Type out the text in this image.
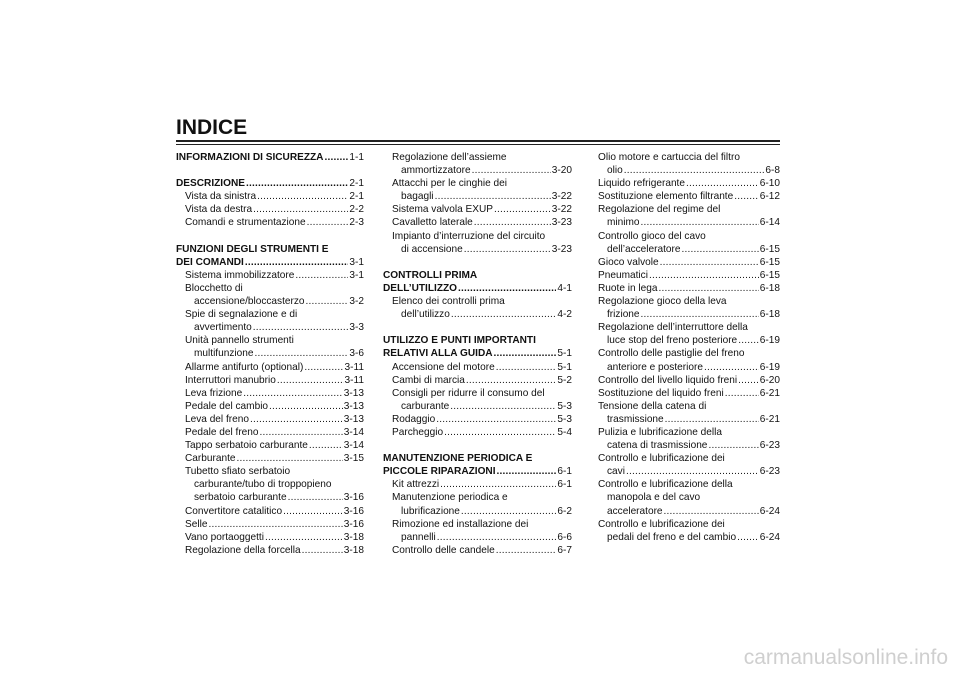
INDICE
INFORMAZIONI DI SICUREZZA .....	1-1
DESCRIZIONE .....	2-1
Vista da sinistra .....	2-1
Vista da destra .....	2-2
Comandi e strumentazione .....	2-3
FUNZIONI DEGLI STRUMENTI E
DEI COMANDI .....	3-1
Sistema immobilizzatore .....	3-1
Blocchetto di
accensione/bloccasterzo .....	3-2
Spie di segnalazione e di
avvertimento .....	3-3
Unità pannello strumenti
multifunzione .....	3-6
Allarme antifurto (optional) .....	3-11
Interruttori manubrio .....	3-11
Leva frizione .....	3-13
Pedale del cambio .....	3-13
Leva del freno .....	3-13
Pedale del freno .....	3-14
Tappo serbatoio carburante .....	3-14
Carburante .....	3-15
Tubetto sfiato serbatoio
carburante/tubo di troppopieno
serbatoio carburante .....	3-16
Convertitore catalitico .....	3-16
Selle .....	3-16
Vano portaoggetti .....	3-18
Regolazione della forcella .....	3-18
Regolazione dell’assieme
ammortizzatore .....	3-20
Attacchi per le cinghie dei
bagagli .....	3-22
Sistema valvola EXUP .....	3-22
Cavalletto laterale .....	3-23
Impianto d’interruzione del circuito
di accensione .....	3-23
CONTROLLI PRIMA
DELL’UTILIZZO .....	4-1
Elenco dei controlli prima
dell’utilizzo .....	4-2
UTILIZZO E PUNTI IMPORTANTI
RELATIVI ALLA GUIDA .....	5-1
Accensione del motore .....	5-1
Cambi di marcia .....	5-2
Consigli per ridurre il consumo del
carburante .....	5-3
Rodaggio .....	5-3
Parcheggio .....	5-4
MANUTENZIONE PERIODICA E
PICCOLE RIPARAZIONI .....	6-1
Kit attrezzi .....	6-1
Manutenzione periodica e
lubrificazione .....	6-2
Rimozione ed installazione dei
pannelli .....	6-6
Controllo delle candele .....	6-7
Olio motore e cartuccia del filtro
olio .....	6-8
Liquido refrigerante .....	6-10
Sostituzione elemento filtrante .....	6-12
Regolazione del regime del
minimo .....	6-14
Controllo gioco del cavo
dell’acceleratore .....	6-15
Gioco valvole .....	6-15
Pneumatici .....	6-15
Ruote in lega .....	6-18
Regolazione gioco della leva
frizione .....	6-18
Regolazione dell’interruttore della
luce stop del freno posteriore ..... 6-19
Controllo delle pastiglie del freno
anteriore e posteriore .....	6-19
Controllo del livello liquido freni ..... 6-20
Sostituzione del liquido freni .....	6-21
Tensione della catena di
trasmissione .....	6-21
Pulizia e lubrificazione della
catena di trasmissione .....	6-23
Controllo e lubrificazione dei
cavi .....	6-23
Controllo e lubrificazione della
manopola e del cavo
acceleratore .....	6-24
Controllo e lubrificazione dei
pedali del freno e del cambio ..... 6-24
carmanualsonline.info
